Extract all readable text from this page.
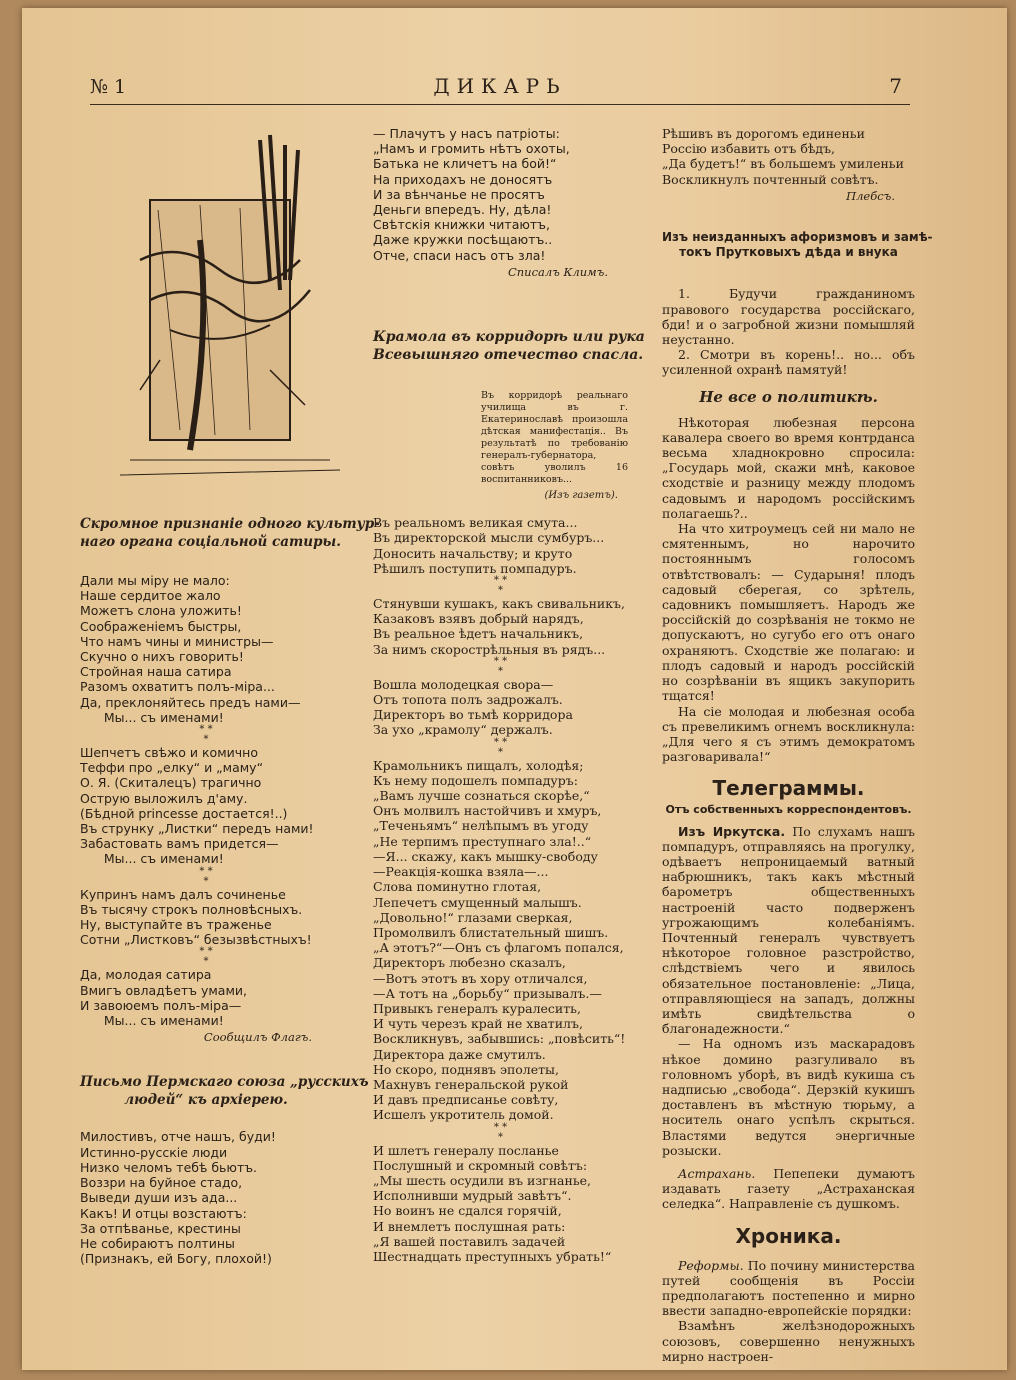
№ 1	ДИКАРЬ	7

Скромное признаніе одного
наго органа соціальной сатиры.

Дали мы міру не мало:
Наше сердитое жало
Можетъ слона уложить!
Соображеніемъ быстры,
Что намъ чины и министры—
Скучно о нихъ говорить!
Стройная наша сатира
Разомъ охватитъ полъ-міра...
Да, преклоняйтесь предъ нами—
Мы... съ именами!

* *
*

Шепчетъ свѣжо и комично
Теффи про „елку“ и „маму“
О. Я. (Скиталецъ) трагично
Острую выложилъ д'аму.
(Бѣдной princesse достается!..)
Въ струнку „Листки“ передъ нами!
Забастовать вамъ придется—
Мы... съ именами!

* *
*

Купринъ намъ далъ сочиненье
Въ тысячу строкъ полновѣсныхъ.
Ну, выступайте въ траженье
Сотни „Листковъ“ безызвѣстныхъ!

* *
*

Да, молодая сатира
Вмигъ овладѣетъ умами,
И завоюемъ полъ-міра—
Мы... съ именами!

Сообщилъ Флагъ.

Письмо Пермскаго союза „русскихъ
людей“ къ архіерею.

Милостивъ, отче нашъ, буди!
Истинно-русскіе люди
Низко челомъ тебѣ бьютъ.
Воззри на буйное стадо,
Выведи души изъ ада...
Какъ! И отцы возстаютъ:
За отпѣванье, крестины
Не собираютъ полтины
(Признакъ, ей Богу, плохой!)

— Плачутъ у насъ патріоты:
„Намъ и громить нѣтъ охоты,
Батька не кличетъ на бой!“
На приходахъ не доносятъ
И за вѣнчанье не просятъ
Деньги впередъ. Ну, дѣла!
Свѣтскія книжки читаютъ,
Даже кружки посѣщаютъ..
Отче, спаси насъ отъ зла!

Списалъ Климъ.

Крамола въ корридорѣ или рука
Всевышняго отечество спасла.

Въ корридорѣ реальнаго училища въ г. Екатеринославѣ произошла дѣтская манифестація.. Въ результатѣ по требованію генералъ-губернатора, совѣтъ уволилъ 16 воспитанниковъ...

(Изъ газетъ).

Въ реальномъ великая смута...
Въ директорской мысли сумбуръ...
Доносить начальству; и круто
Рѣшилъ поступить помпадуръ.

* *
*

Стянувши кушакъ, какъ свивальникъ,
Казаковъ взявъ добрый нарядъ,
Въ реальное ѣдетъ начальникъ,
За нимъ скорострѣльныя въ рядъ...

* *
*

Вошла молодецкая свора—
Отъ топота полъ задрожалъ.
Директоръ во тьмѣ корридора
За ухо „крамолу“ держалъ.

* *
*

Крамольникъ пищалъ, холодѣя;
Къ нему подошелъ помпадуръ:
„Вамъ лучше сознаться скорѣе,“
Онъ молвилъ настойчивъ и хмуръ,
„Теченьямъ“ нелѣпымъ въ угоду
„Не терпимъ преступнаго зла!..“
—Я... скажу, какъ мышку-свободу
—Реакція-кошка взяла—...
Слова поминутно глотая,
Лепечетъ смущенный малышъ.
„Довольно!“ глазами сверкая,
Промолвилъ блистательный шишъ.
„А этотъ?“—Онъ съ флагомъ попался,
Директоръ любезно сказалъ,
—Вотъ этотъ въ хору отличался,
—А тотъ на „борьбу“ призывалъ.—
Привыкъ генералъ куралесить,
И чуть черезъ край не хватилъ,
Воскликнувъ, забывшись: „повѣсить“!
Директора даже смутилъ.
Но скоро, поднявъ эполеты,
Махнувъ генеральской рукой
И давъ предписанье совѣту,
Исшелъ укротитель домой.

* *
*

И шлетъ генералу посланье
Послушный и скромный совѣтъ:
„Мы шесть осудили въ изгнанье,
Исполнивши мудрый завѣтъ“.
Но воинъ не сдался горячій,
И внемлетъ послушная рать:
„Я вашей поставилъ задачей
Шестнадцать преступныхъ убрать!“

Рѣшивъ въ дорогомъ единеньи
Россію избавить отъ бѣдъ,
„Да будетъ!“ въ большемъ умиленьи
Воскликнулъ почтенный совѣтъ.

Плебсъ.

Изъ неизданныхъ афоризмовъ и замѣ-
токъ Прутковыхъ дѣда и внука

1. Будучи гражданиномъ правового государства россійскаго, бди! и о загробной жизни помышляй неустанно.

2. Смотри въ корень!.. но... объ усиленной охранѣ памятуй!

Не все о политикѣ.

Нѣкоторая любезная персона кавалера своего во время контрданса весьма хладнокровно спросила: „Государь мой, скажи мнѣ, каковое сходствіе и разницу между плодомъ садовымъ и народомъ россійскимъ полагаешь?..

На что хитроумецъ сей ни мало не смятеннымъ, но нарочито постояннымъ голосомъ отвѣтствовалъ: — Сударыня! плодъ садовый сберегая, со зрѣтель, садовникъ помышляетъ. Народъ же россійскій до созрѣванія не токмо не допускаютъ, но сугубо его отъ онаго охраняютъ. Сходствіе же полагаю: и плодъ садовый и народъ россійскій но созрѣваніи въ ящикъ закупорить тщатся!

На сіе молодая и любезная особа съ превеликимъ огнемъ воскликнула: „Для чего я съ этимъ демократомъ разговаривала!“

Телеграммы.

Отъ собственныхъ корреспондентовъ.

Изъ Иркутска. По слухамъ нашъ помпадуръ, отправляясь на прогулку, одѣваетъ непроницаемый ватный набрюшникъ, такъ какъ мѣстный барометръ общественныхъ настроеній часто подверженъ угрожающимъ колебаніямъ. Почтенный генералъ чувствуетъ нѣкоторое головное разстройство, слѣдствіемъ чего и явилось обязательное постановленіе: „Лица, отправляющіеся на западъ, должны имѣть свидѣтельства о благонадежности.“

— На одномъ изъ маскарадовъ нѣкое домино разгуливало въ головномъ уборѣ, въ видѣ кукиша съ надписью „свобода“. Дерзкій кукишъ доставленъ въ мѣстную тюрьму, а носитель онаго успѣлъ скрыться. Властями ведутся энергичные розыски.

Астрахань. Пепепеки думаютъ издавать газету „Астраханская селедка“. Направленіе съ душкомъ.

Хроника.

Реформы. По почину министерства путей сообщенія въ Россіи предполагаютъ постепенно и мирно ввести западно-европейскіе порядки:

Взамѣнъ желѣзнодорожныхъ союзовъ, совершенно ненужныхъ мирно настроен-
